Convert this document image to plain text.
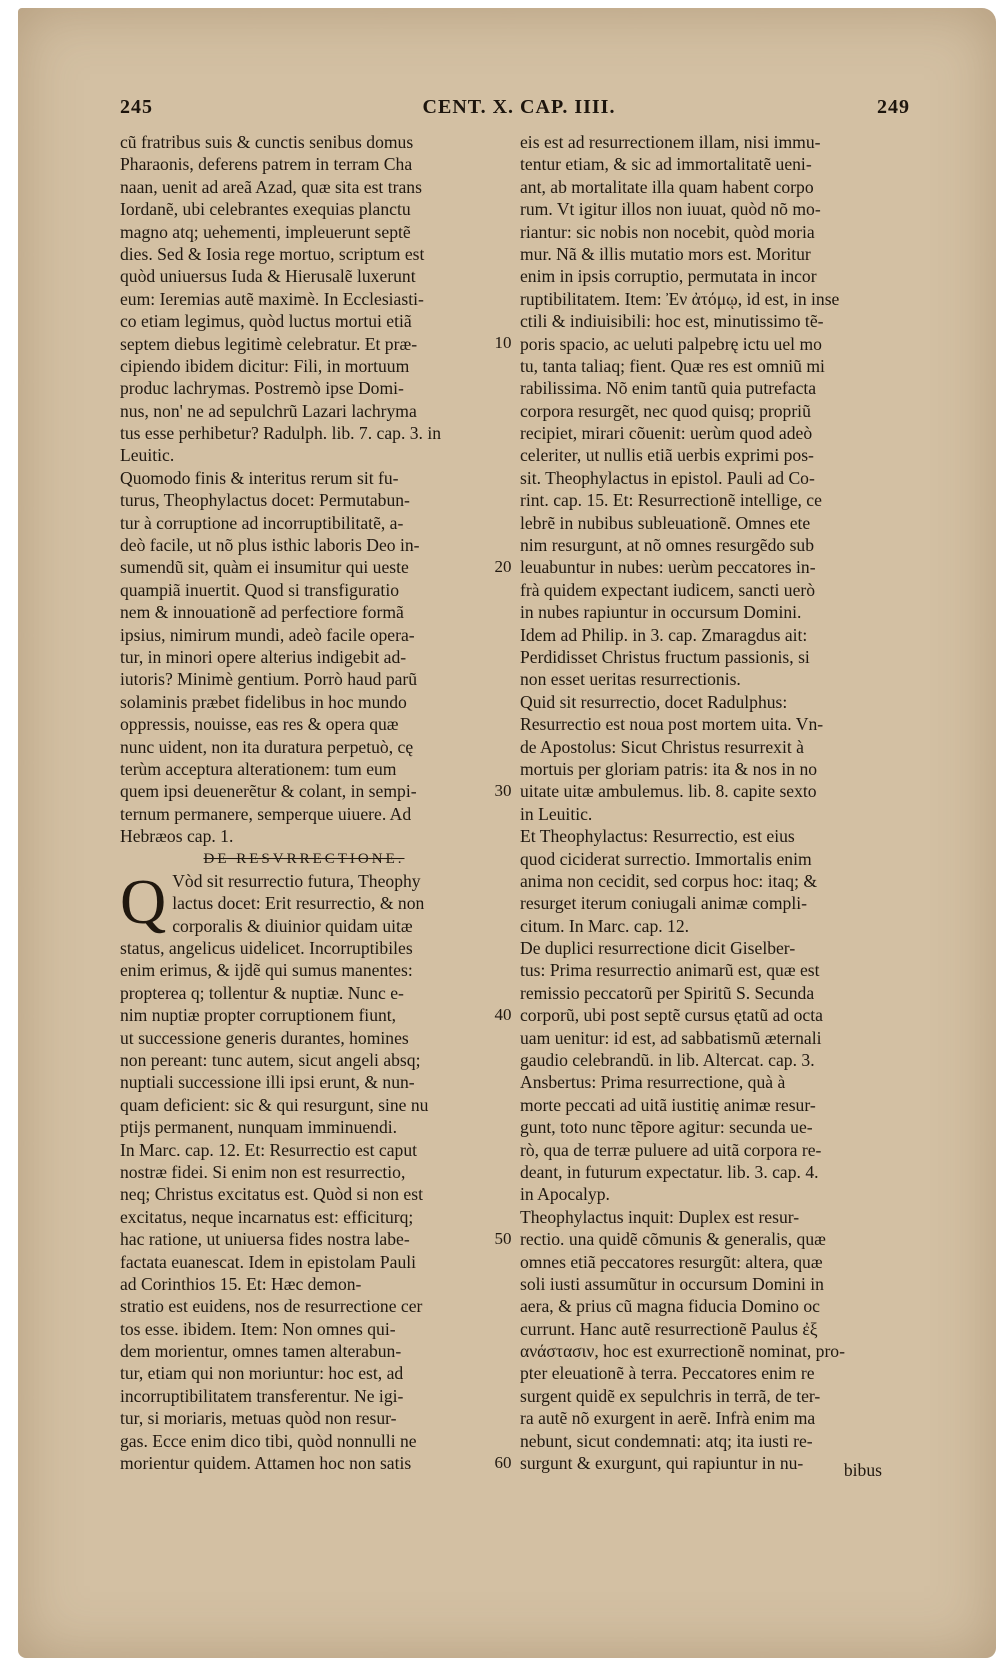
245	CENT. X. CAP. IIII.	249
cũ fratribus suis & cunctis senibus domus
Pharaonis, deferens patrem in terram Cha
naan, uenit ad areã Azad, quæ sita est trans
Iordanẽ, ubi celebrantes exequias planctu
magno atq; uehementi, impleuerunt septẽ
dies. Sed & Iosia rege mortuo, scriptum est
quòd uniuersus Iuda & Hierusalẽ luxerunt
eum: Ieremias autẽ maximè. In Ecclesiasti-
co etiam legimus, quòd luctus mortui etiã
septem diebus legitimè celebratur. Et præ-
cipiendo ibidem dicitur: Fili, in mortuum
produc lachrymas. Postremò ipse Domi-
nus, non' ne ad sepulchrũ Lazari lachryma
tus esse perhibetur? Radulph. lib. 7. cap. 3. in
Leuitic.
Quomodo finis & interitus rerum sit fu-
turus, Theophylactus docet: Permutabun-
tur à corruptione ad incorruptibilitatẽ, a-
deò facile, ut nõ plus isthic laboris Deo in-
sumendũ sit, quàm ei insumitur qui ueste
quampiã inuertit. Quod si transfiguratio
nem & innouationẽ ad perfectiore formã
ipsius, nimirum mundi, adeò facile opera-
tur, in minori opere alterius indigebit ad-
iutoris? Minimè gentium. Porrò haud parũ
solaminis præbet fidelibus in hoc mundo
oppressis, nouisse, eas res & opera quæ
nunc uident, non ita duratura perpetuò, cę
terùm acceptura alterationem: tum eum
quem ipsi deuenerẽtur & colant, in sempi-
ternum permanere, semperque uiuere. Ad
Hebræos cap. 1.
DE RESVRRECTIONE.
Q Vòd sit resurrectio futura, Theophy
lactus docet: Erit resurrectio, & non
corporalis & diuinior quidam uitæ
status, angelicus uidelicet. Incorruptibiles
enim erimus, & ijdẽ qui sumus manentes:
propterea q; tollentur & nuptiæ. Nunc e-
nim nuptiæ propter corruptionem fiunt,
ut successione generis durantes, homines
non pereant: tunc autem, sicut angeli absq;
nuptiali successione illi ipsi erunt, & nun-
quam deficient: sic & qui resurgunt, sine nu
ptijs permanent, nunquam imminuendi.
In Marc. cap. 12. Et: Resurrectio est caput
nostræ fidei. Si enim non est resurrectio,
neq; Christus excitatus est. Quòd si non est
excitatus, neque incarnatus est: efficiturq;
hac ratione, ut uniuersa fides nostra labe-
factata euanescat. Idem in epistolam Pauli
ad Corinthios 15. Et: Hæc demon-
stratio est euidens, nos de resurrectione cer
tos esse. ibidem. Item: Non omnes qui-
dem morientur, omnes tamen alterabun-
tur, etiam qui non moriuntur: hoc est, ad
incorruptibilitatem transferentur. Ne igi-
tur, si moriaris, metuas quòd non resur-
gas. Ecce enim dico tibi, quòd nonnulli ne
morientur quidem. Attamen hoc non satis
10
20
30
40
50
60
eis est ad resurrectionem illam, nisi immu-
tentur etiam, & sic ad immortalitatẽ ueni-
ant, ab mortalitate illa quam habent corpo
rum. Vt igitur illos non iuuat, quòd nõ mo-
riantur: sic nobis non nocebit, quòd moria
mur. Nã & illis mutatio mors est. Moritur
enim in ipsis corruptio, permutata in incor
ruptibilitatem. Item: Ἐν ἀτόμῳ, id est, in inse
ctili & indiuisibili: hoc est, minutissimo tẽ-
poris spacio, ac ueluti palpebrę ictu uel mo
tu, tanta taliaq; fient. Quæ res est omniũ mi
rabilissima. Nõ enim tantũ quia putrefacta
corpora resurgẽt, nec quod quisq; propriũ
recipiet, mirari cõuenit: uerùm quod adeò
celeriter, ut nullis etiã uerbis exprimi pos-
sit. Theophylactus in epistol. Pauli ad Co-
rint. cap. 15. Et: Resurrectionẽ intellige, ce
lebrẽ in nubibus subleuationẽ. Omnes ete
nim resurgunt, at nõ omnes resurgẽdo sub
leuabuntur in nubes: uerùm peccatores in-
frà quidem expectant iudicem, sancti uerò
in nubes rapiuntur in occursum Domini.
Idem ad Philip. in 3. cap. Zmaragdus ait:
Perdidisset Christus fructum passionis, si
non esset ueritas resurrectionis.
Quid sit resurrectio, docet Radulphus:
Resurrectio est noua post mortem uita. Vn-
de Apostolus: Sicut Christus resurrexit à
mortuis per gloriam patris: ita & nos in no
uitate uitæ ambulemus. lib. 8. capite sexto
in Leuitic.
Et Theophylactus: Resurrectio, est eius
quod ciciderat surrectio. Immortalis enim
anima non cecidit, sed corpus hoc: itaq; &
resurget iterum coniugali animæ compli-
citum. In Marc. cap. 12.
De duplici resurrectione dicit Giselber-
tus: Prima resurrectio animarũ est, quæ est
remissio peccatorũ per Spiritũ S. Secunda
corporũ, ubi post septẽ cursus ętatũ ad octa
uam uenitur: id est, ad sabbatismũ æternali
gaudio celebrandũ. in lib. Altercat. cap. 3.
Ansbertus: Prima resurrectione, quà à
morte peccati ad uitã iustitię animæ resur-
gunt, toto nunc tẽpore agitur: secunda ue-
rò, qua de terræ puluere ad uitã corpora re-
deant, in futurum expectatur. lib. 3. cap. 4.
in Apocalyp.
Theophylactus inquit: Duplex est resur-
rectio. una quidẽ cõmunis & generalis, quæ
omnes etiã peccatores resurgũt: altera, quæ
soli iusti assumũtur in occursum Domini in
aera, & prius cũ magna fiducia Domino oc
currunt. Hanc autẽ resurrectionẽ Paulus ἐξ
ανάστασιν, hoc est exurrectionẽ nominat, pro-
pter eleuationẽ à terra. Peccatores enim re
surgent quidẽ ex sepulchris in terrã, de ter-
ra autẽ nõ exurgent in aerẽ. Infrà enim ma
nebunt, sicut condemnati: atq; ita iusti re-
surgunt & exurgunt, qui rapiuntur in nu-	bibus
